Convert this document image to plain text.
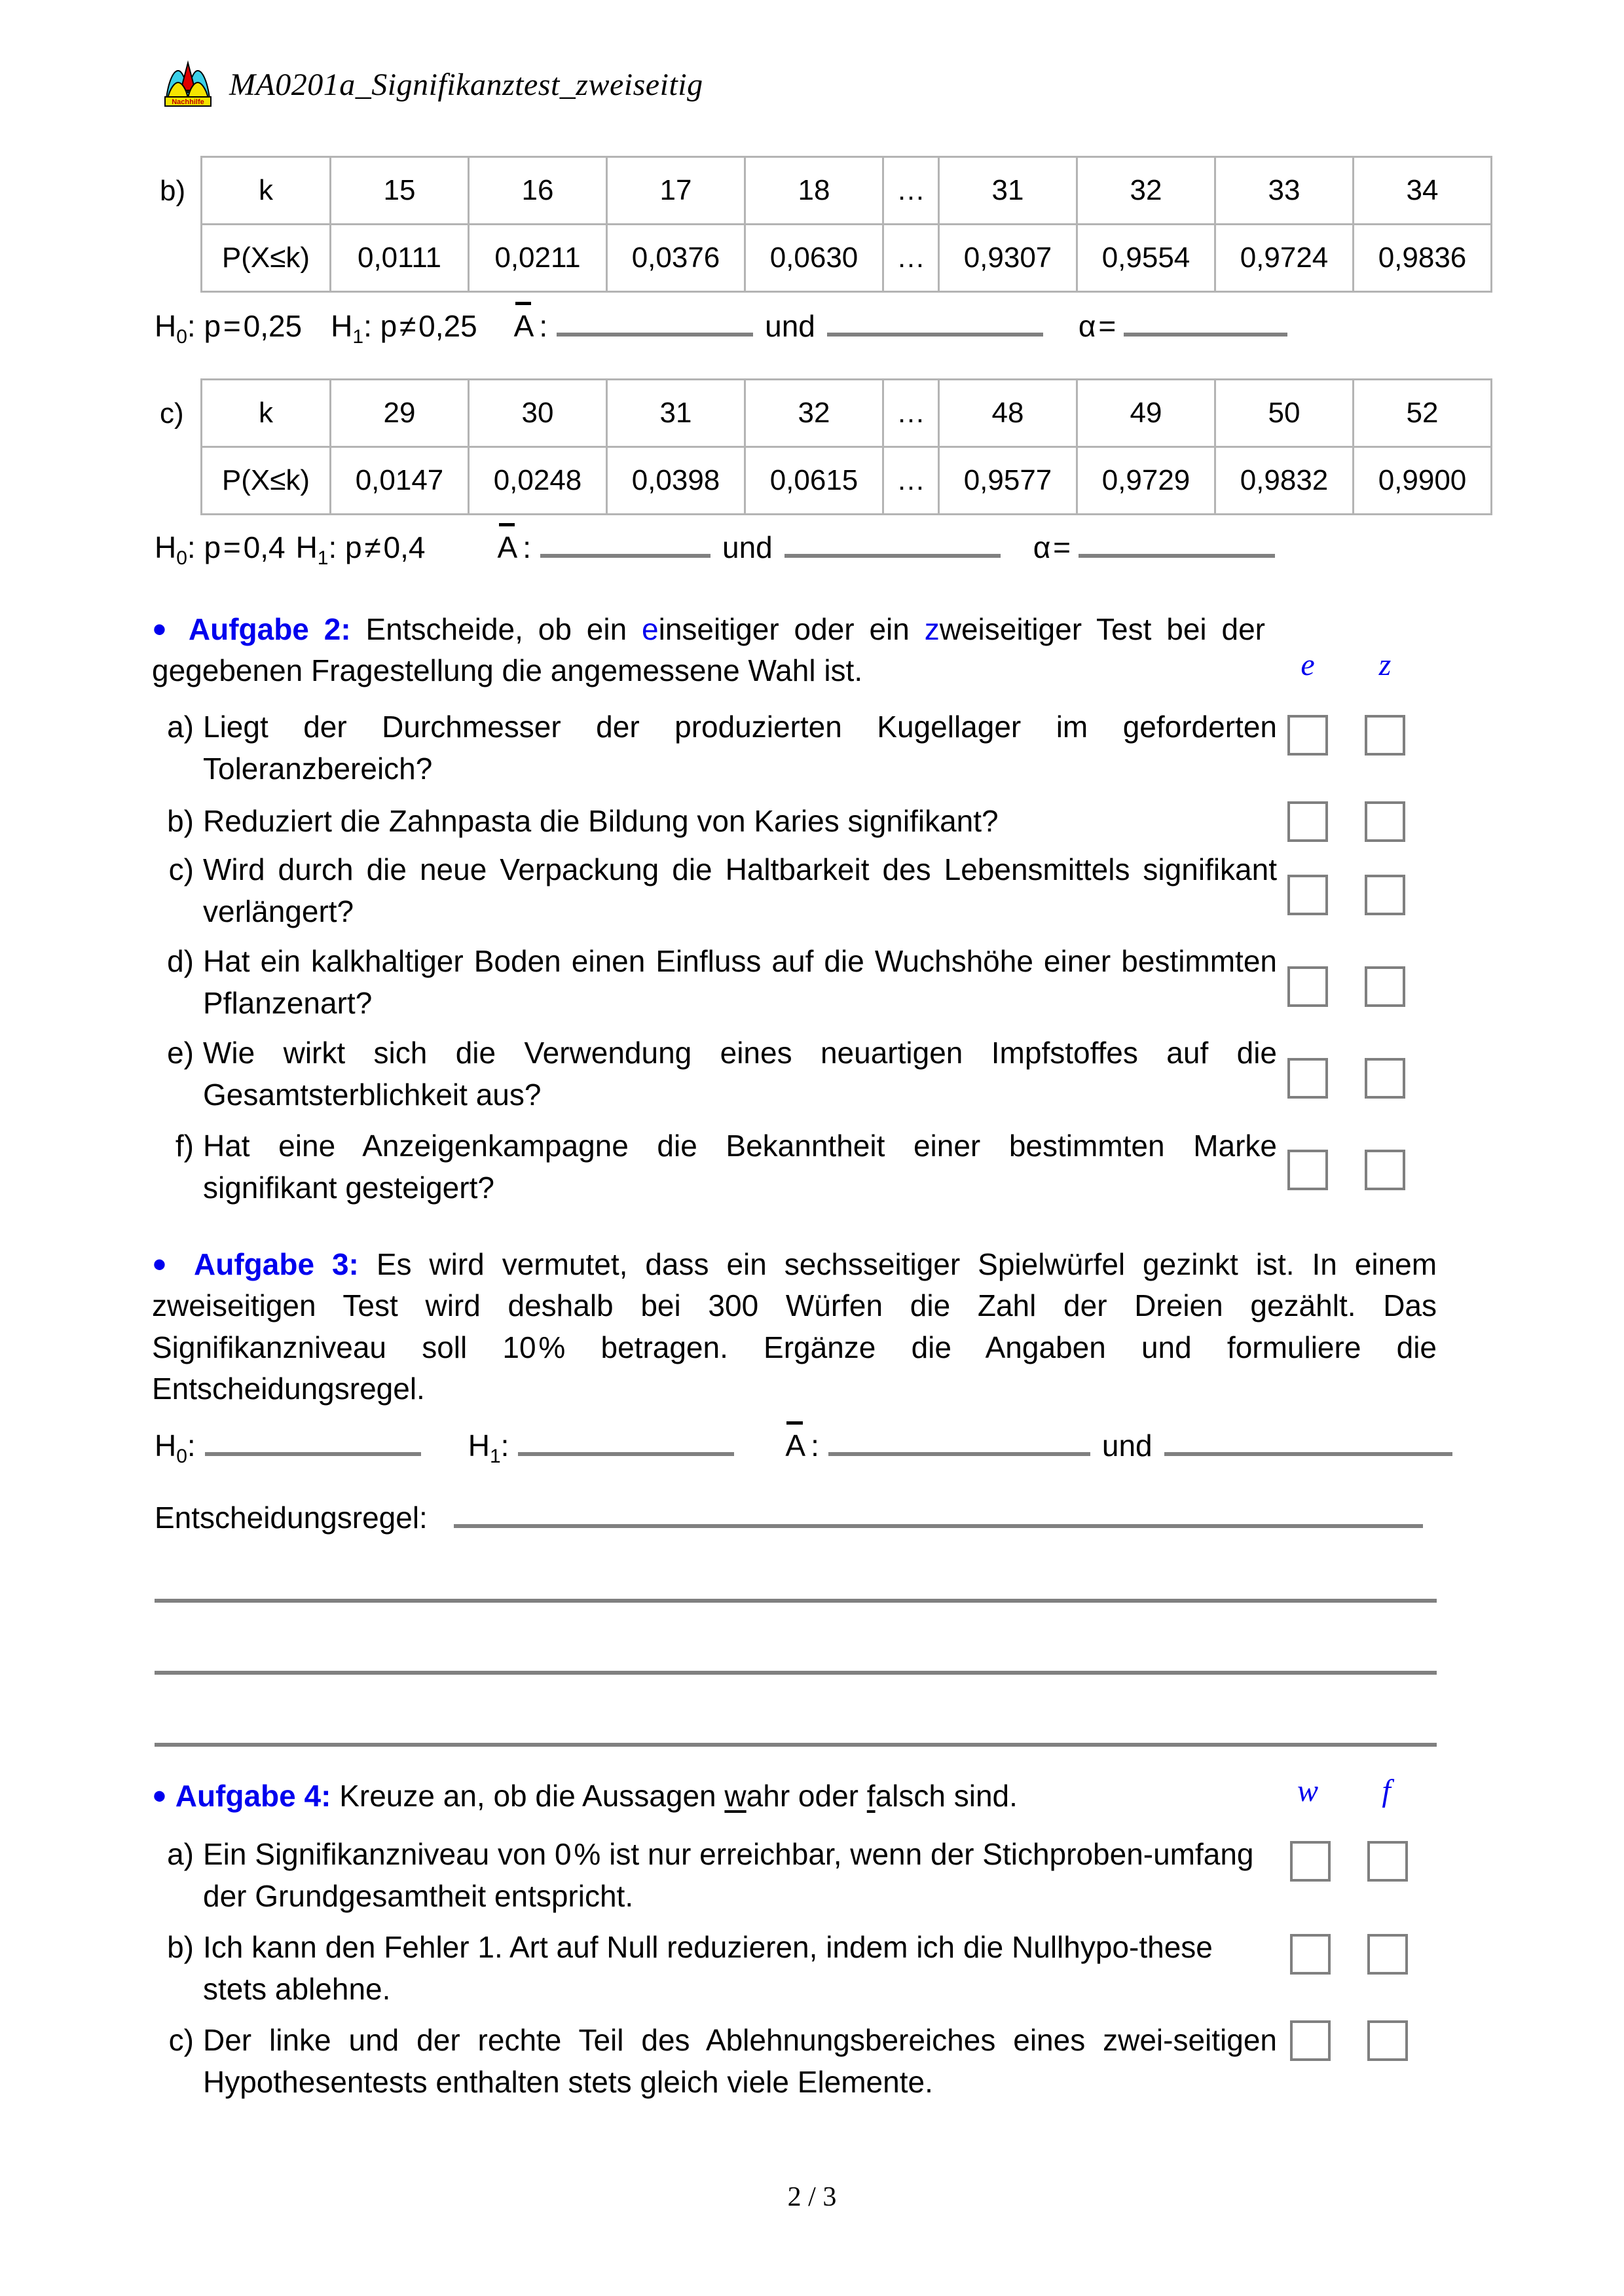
Nachhilfe
MA0201a_Signifikanztest_zweiseitig
b)	k	15	16	17	18	…	31	32	33	34
P(X≤k)	0,0111	0,0211	0,0376	0,0630	…	0,9307	0,9554	0,9724	0,9836
$H_0$: p = 0,25 $H_1$: p ≠ 0,25 A :	und	α =
c)	k	29	30	31	32	…	48	49	50	52
P(X≤k)	0,0147	0,0248	0,0398	0,0615	…	0,9577	0,9729	0,9832	0,9900
$H_0$: p = 0,4 $H_1$: p ≠ 0,4 A :	und	α =
● Aufgabe 2: Entscheide, ob ein einseitiger oder ein zweiseitiger Test bei der gegebenen Fragestellung die angemessene Wahl ist.	e	z
a) Liegt der Durchmesser der produzierten Kugellager im geforderten Toleranzbereich?
b) Reduziert die Zahnpasta die Bildung von Karies signifikant?
c) Wird durch die neue Verpackung die Haltbarkeit des Lebensmittels signifikant verlängert?
d) Hat ein kalkhaltiger Boden einen Einfluss auf die Wuchshöhe einer bestimmten Pflanzenart?
e) Wie wirkt sich die Verwendung eines neuartigen Impfstoffes auf die Gesamtsterblichkeit aus?
f) Hat eine Anzeigenkampagne die Bekanntheit einer bestimmten Marke signifikant gesteigert?
● Aufgabe 3: Es wird vermutet, dass ein sechsseitiger Spielwürfel gezinkt ist. In einem zweiseitigen Test wird deshalb bei 300 Würfen die Zahl der Dreien gezählt. Das Signifikanzniveau soll 10 % betragen. Ergänze die Angaben und formuliere die Entscheidungsregel.
$H_0$:	$H_1$:	A :	und
Entscheidungsregel:
● Aufgabe 4: Kreuze an, ob die Aussagen wahr oder falsch sind.	w	f
a) Ein Signifikanzniveau von 0 % ist nur erreichbar, wenn der Stichproben-umfang der Grundgesamtheit entspricht.
b) Ich kann den Fehler 1. Art auf Null reduzieren, indem ich die Nullhypo-these stets ablehne.
c) Der linke und der rechte Teil des Ablehnungsbereiches eines zwei-seitigen Hypothesentests enthalten stets gleich viele Elemente.
2 / 3
